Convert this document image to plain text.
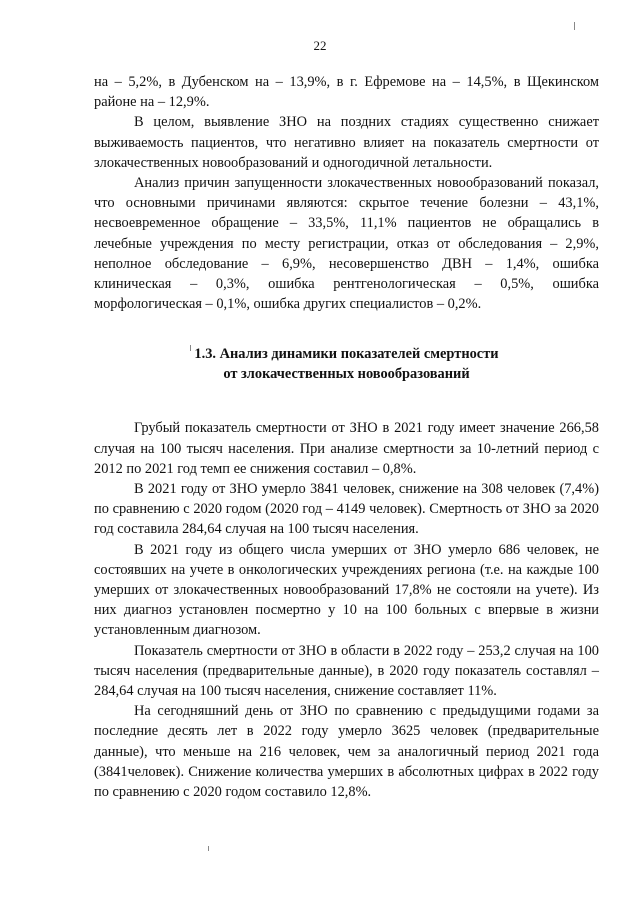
22

на – 5,2%, в Дубенском на – 13,9%, в г. Ефремове на – 14,5%, в Щекинском районе на – 12,9%.

В целом, выявление ЗНО на поздних стадиях существенно снижает выживаемость пациентов, что негативно влияет на показатель смертности от злокачественных новообразований и одногодичной летальности.

Анализ причин запущенности злокачественных новообразований показал, что основными причинами являются: скрытое течение болезни – 43,1%, несвоевременное обращение – 33,5%, 11,1% пациентов не обращались в лечебные учреждения по месту регистрации, отказ от обследования – 2,9%, неполное обследование – 6,9%, несовершенство ДВН – 1,4%, ошибка клиническая – 0,3%, ошибка рентгенологическая – 0,5%, ошибка морфологическая – 0,1%, ошибка других специалистов – 0,2%.

1.3. Анализ динамики показателей смертности
от злокачественных новообразований

Грубый показатель смертности от ЗНО в 2021 году имеет значение 266,58 случая на 100 тысяч населения. При анализе смертности за 10-летний период с 2012 по 2021 год темп ее снижения составил – 0,8%.

В 2021 году от ЗНО умерло 3841 человек, снижение на 308 человек (7,4%) по сравнению с 2020 годом (2020 год – 4149 человек). Смертность от ЗНО за 2020 год составила 284,64 случая на 100 тысяч населения.

В 2021 году из общего числа умерших от ЗНО умерло 686 человек, не состоявших на учете в онкологических учреждениях региона (т.е. на каждые 100 умерших от злокачественных новообразований 17,8% не состояли на учете). Из них диагноз установлен посмертно у 10 на 100 больных с впервые в жизни установленным диагнозом.

Показатель смертности от ЗНО в области в 2022 году – 253,2 случая на 100 тысяч населения (предварительные данные), в 2020 году показатель составлял – 284,64 случая на 100 тысяч населения, снижение составляет 11%.

На сегодняшний день от ЗНО по сравнению с предыдущими годами за последние десять лет в 2022 году умерло 3625 человек (предварительные данные), что меньше на 216 человек, чем за аналогичный период 2021 года (3841человек). Снижение количества умерших в абсолютных цифрах в 2022 году по сравнению с 2020 годом составило 12,8%.
